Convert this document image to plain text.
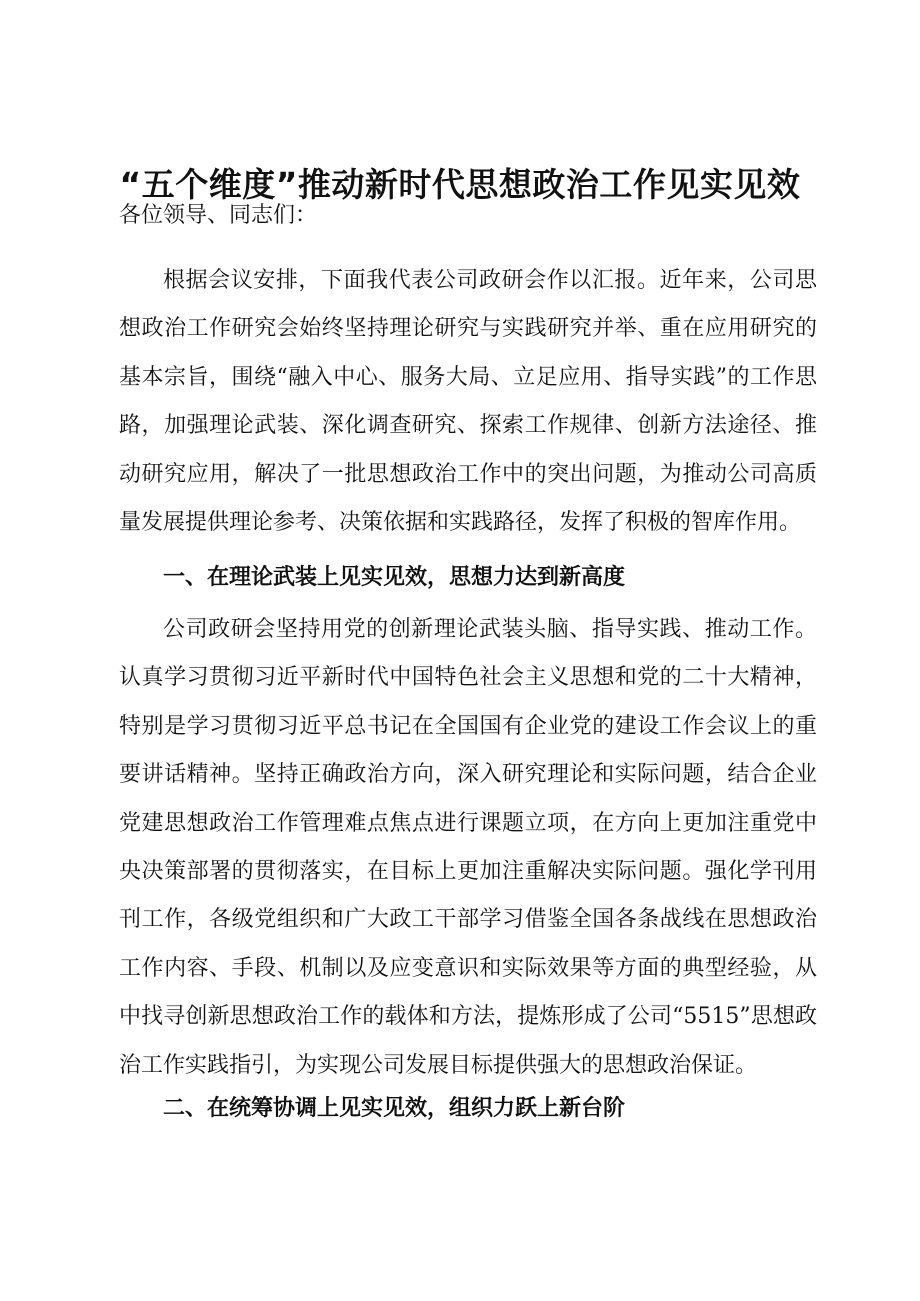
“五个维度”推动新时代思想政治工作见实见效

各位领导、同志们：

根据会议安排，下面我代表公司政研会作以汇报。近年来，公司思想政治工作研究会始终坚持理论研究与实践研究并举、重在应用研究的基本宗旨，围绕“融入中心、服务大局、立足应用、指导实践”的工作思路，加强理论武装、深化调查研究、探索工作规律、创新方法途径、推动研究应用，解决了一批思想政治工作中的突出问题，为推动公司高质量发展提供理论参考、决策依据和实践路径，发挥了积极的智库作用。

一、在理论武装上见实见效，思想力达到新高度

公司政研会坚持用党的创新理论武装头脑、指导实践、推动工作。认真学习贯彻习近平新时代中国特色社会主义思想和党的二十大精神，特别是学习贯彻习近平总书记在全国国有企业党的建设工作会议上的重要讲话精神。坚持正确政治方向，深入研究理论和实际问题，结合企业党建思想政治工作管理难点焦点进行课题立项，在方向上更加注重党中央决策部署的贯彻落实，在目标上更加注重解决实际问题。强化学刊用刊工作，各级党组织和广大政工干部学习借鉴全国各条战线在思想政治工作内容、手段、机制以及应变意识和实际效果等方面的典型经验，从中找寻创新思想政治工作的载体和方法，提炼形成了公司“5515”思想政治工作实践指引，为实现公司发展目标提供强大的思想政治保证。

二、在统筹协调上见实见效，组织力跃上新台阶
